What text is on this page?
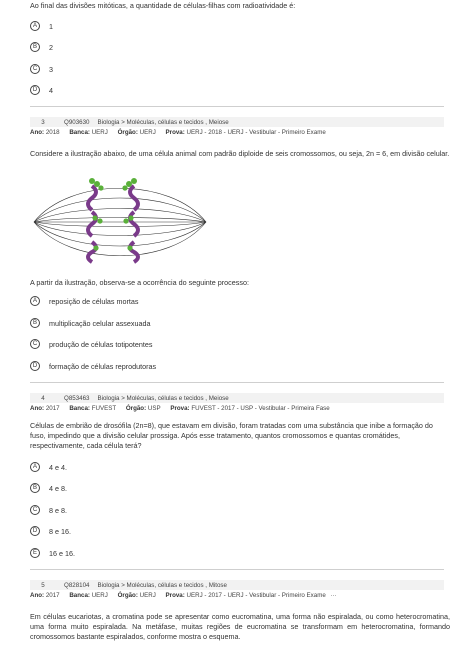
Ao final das divisões mitóticas, a quantidade de células-filhas com radioatividade é:
A	1
B	2
C	3
D	4
3	Q903630 Biologia > Moléculas, células e tecidos , Meiose
Ano: 2018 Banca: UERJ Órgão: UERJ Prova: UERJ - 2018 - UERJ - Vestibular - Primeiro Exame
Considere a ilustração abaixo, de uma célula animal com padrão diploide de seis cromossomos, ou seja, 2n = 6, em divisão celular.
A partir da ilustração, observa-se a ocorrência do seguinte processo:
A	reposição de células mortas
B	multiplicação celular assexuada
C	produção de células totipotentes
D	formação de células reprodutoras
4	Q853463 Biologia > Moléculas, células e tecidos , Meiose
Ano: 2017 Banca: FUVEST Órgão: USP Prova: FUVEST - 2017 - USP - Vestibular - Primeira Fase
Células de embrião de drosófila (2n=8), que estavam em divisão, foram tratadas com uma substância que inibe a formação do fuso, impedindo que a divisão celular prossiga. Após esse tratamento, quantos cromossomos e quantas cromátides, respectivamente, cada célula terá?
A	4 e 4.
B	4 e 8.
C	8 e 8.
D	8 e 16.
E	16 e 16.
5	Q828104 Biologia > Moléculas, células e tecidos , Mitose
Ano: 2017 Banca: UERJ Órgão: UERJ Prova: UERJ - 2017 - UERJ - Vestibular - Primeiro Exame ···
Em células eucariotas, a cromatina pode se apresentar como eucromatina, uma forma não espiralada, ou como heterocromatina, uma forma muito espiralada. Na metáfase, muitas regiões de eucromatina se transformam em heterocromatina, formando cromossomos bastante espiralados, conforme mostra o esquema.
